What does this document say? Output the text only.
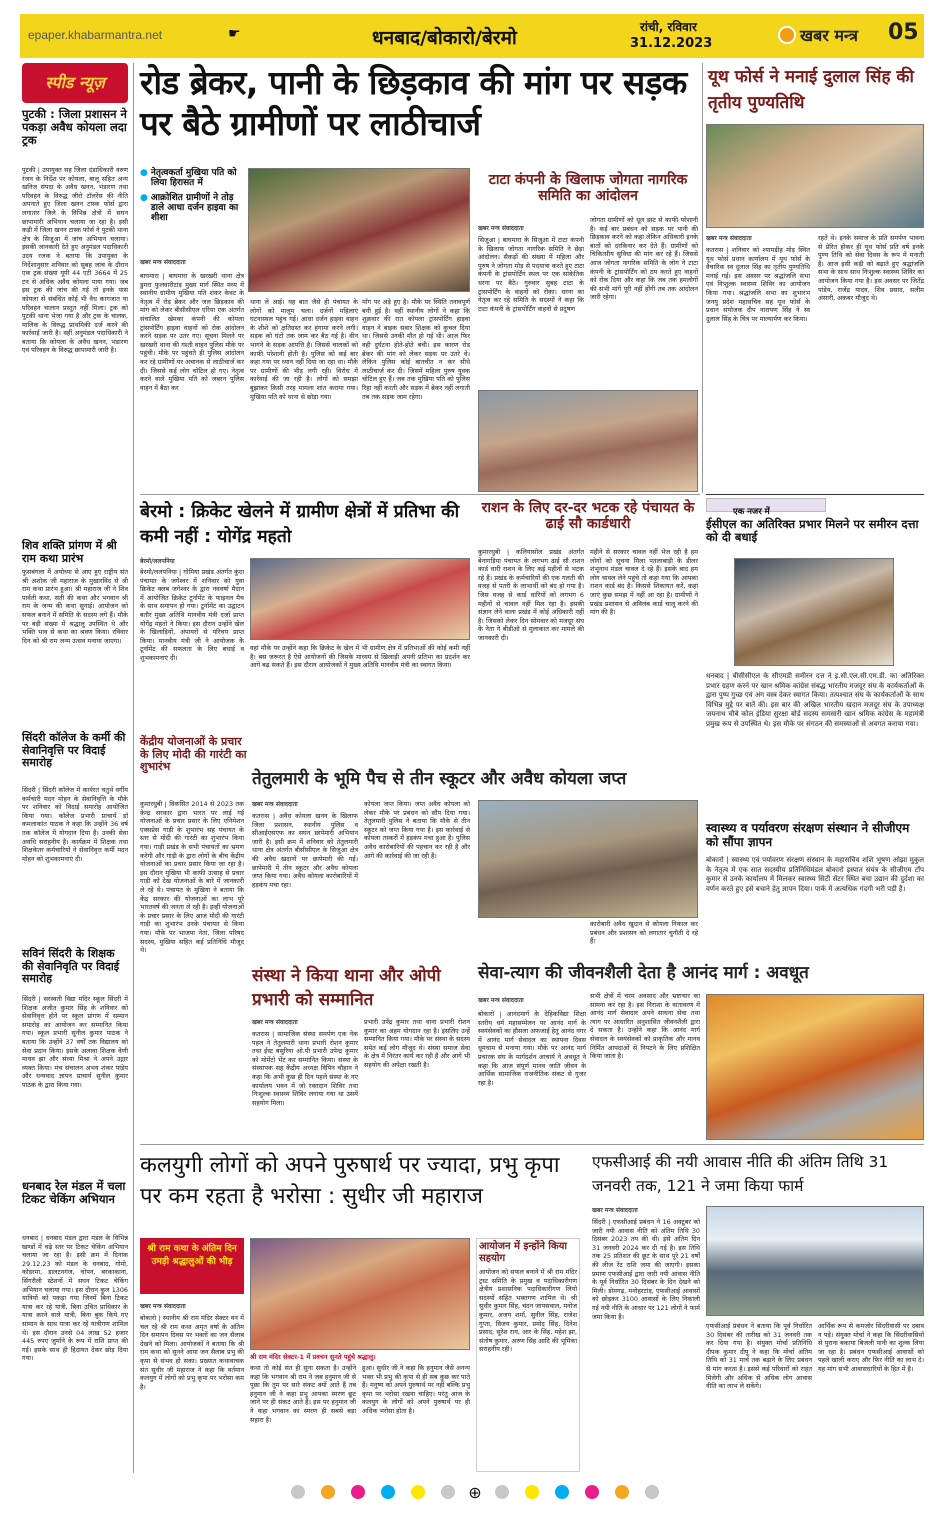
epaper.khabarmantra.net	☛	धनबाद/बोकारो/बेरमो	रांची, रविवार
31.12.2023	खबर मन्त्र 05
स्पीड न्यूज़
पुटकी : जिला प्रशासन ने पकड़ा अवैध कोयला लदा ट्रक
पुटकी | उपायुक्त सह जिला दंडाधिकारी वरुण रंजन के निर्देश पर कोयला, बालू सहित अन्य खनिज संपदा के अवैध खनन, भंडारण तथा परिवहन के विरुद्ध जीरो टॉलरेंस की नीति अपनाते हुए जिला खनन टास्क फोर्स द्वारा लगातार जिले के विभिन्न क्षेत्रों में सघन छापामारी अभियान चलाया जा रहा है। इसी कड़ी में जिला खनन टास्क फोर्स ने पुटकी थाना क्षेत्र के सिजुआ में जांच अभियान चलाया। इसकी जानकारी देते हुए अनुमंडल पदाधिकारी उदय रजक ने बताया कि उपायुक्त के निर्देशानुसार शनिवार को सुबह जांच के दौरान एक ट्रक संख्या यूपी 44 एटी 3664 में 25 टन से अधिक अवैध कोयला पाया गया। जब इस ट्रक की जांच की गई तो इनके पास कोयला से संबंधित कोई भी वैध कागजात या परिवहन चालान प्रस्तुत नहीं मिला। ट्रक को पुटकी थाना भेजा गया है और ट्रक के चालक, मालिक के विरुद्ध प्राथमिकी दर्ज करने की कार्रवाई जारी है। वहीं अनुमंडल पदाधिकारी ने बताया कि कोयला के अवैध खनन, भंडारण एवं परिवहन के विरुद्ध छापामारी जारी है।
शिव शक्ति प्रांगण में श्री राम कथा प्रारंभ
फुसबंगला में अयोध्या से आए हुए राष्ट्रीय संत श्री अशोक जी महाराज के मुखारविंद से श्री राम कथा प्रारंभ हुआ। श्री महाराज जी ने शिव पार्वती कथा, सती की कथा और भगवान श्री राम के जन्म की कथा सुनाई। आयोजन को सफल बनाने में समिति के सदस्य लगे हैं। मौके पर बड़ी संख्या में श्रद्धालु उपस्थित थे और भक्ति भाव से कथा का श्रवण किया। रविवार दिन को श्री राम जन्म उत्सव मनाया जाएगा।
सिंदरी कॉलेज के कर्मी की सेवानिवृत्ति पर विदाई समारोह
सिंदरी | सिंदरी कॉलेज में कार्यरत चतुर्थ वर्गीय कर्मचारी मदन मोहन के सेवानिवृत्ति के मौके पर शनिवार को विदाई समारोह आयोजित किया गया। कॉलेज प्रभारी प्राचार्य डॉ कमलाकांत पाठक ने कहा कि उन्होंने 36 वर्ष तक कॉलेज में योगदान दिया है। उनकी सेवा अवधि सराहनीय है। कार्यक्रम में शिक्षक तथा शिक्षकेतर कर्मचारियों ने सेवानिवृत्त कर्मी मदन मोहन को शुभकामनाएं दी।
सविनं सिंदरी के शिक्षक की सेवानिवृति पर विदाई समारोह
सिंदरी | सरस्वती विद्या मंदिर स्कूल सिंदरी में शिक्षक अजीत कुमार सिंह के शनिवार को सेवानिवृत्त होने पर स्कूल प्रांगण में सम्मान समारोह का आयोजन कर सम्मानित किया गया। स्कूल प्रभारी सुनील कुमार पाठक ने बताया कि उन्होंने 37 वर्षों तक विद्यालय को सेवा प्रदान किया। इसके अलावा शिक्षक वेणी माधव झा और संध्या मिश्रा ने अपने उद्गार व्यक्त किया। मंच संचालन अभय शंकर पांडेय और धन्यवाद ज्ञापन प्राचार्य सुनील कुमार पाठक के द्वारा किया गया।
धनबाद रेल मंडल में चला टिकट चेकिंग अभियान
धनबाद | धनबाद मंडल द्वारा मंडल के विभिन्न खण्डों में चढ़े स्तर पर टिकट चेकिंग अभियान चलाया जा रहा है। इसी क्रम में दिनांक 29.12.23 को मंडल के धनबाद, गोमो, कोडरमा, डालटनगंज, चोपन, बरकाकाना, सिंगरौली स्टेशनों में सघन टिकट चेकिंग अभियान चलाया गया। इस दौरान कुल 1306 यात्रियों को पकड़ा गया जिनमें बिना टिकट यात्रा कर रहे यात्री, बिना उचित प्राधिकार के यात्रा करने वाले यात्री, बिना बुक किये गए सामान के साथ यात्रा कर रहे यात्रीगण शामिल थे। इस दौरान उनसे 04 लाख 52 हजार 445 रुपए जुर्माने के रूप में राशि प्राप्त की गई। इसके साथ ही हिदायत देकर छोड़ दिया गया।
रोड ब्रेकर, पानी के छिड़काव की मांग पर सड़क पर बैठे ग्रामीणों पर लाठीचार्ज
● नेतृत्वकर्ता मुखिया पति को लिया हिरासत में
● आक्रोशित ग्रामीणों ने तोड़ डाले आधा दर्जन हाइवा का शीशा
खबर मन्त्र संवाददाता
बाघमारा | बाघमारा के खरखरी थाना क्षेत्र डुमरा फुलवारीटांड़ मुख्य मार्ग स्थित मध्य में स्थानीय ग्रामीण मुखिया पति शंकर केवट के नेतृत्व में रोड ब्रेकर और जल छिड़काव की मांग को लेकर बीसीसीएल एरिया एक अंतर्गत संचालित खेमका कंपनी की कोयला ट्रांसपोर्टिंग हाइवा वाहनों को रोक आंदोलन करने सड़क पर उतर गए। सूचना मिलने पर खरखरी थाना की गश्ती वाहन पुलिस मौके पर पहुंची। मौके पर पहुंचते ही पुलिस आंदोलन कर रहे ग्रामीणों पर अचानक से लाठीचार्ज कर दी। जिससे कई लोग चोटिल हो गए। नेतृत्व करने वाले मुखिया पति को जबरन पुलिस वाहन में बैठा कर
थाना ले आई। यह बात जैसे ही पंचायत के लोगों को मालूम चला। दर्जनों महिलाएं घटनास्थल पहुंच गई। आधा दर्जन हाइवा वाहन के शीशे को क्षतिग्रस्त कर हंगामा करने लगी। सड़क को घंटों तक जाम कर बैठ गई है। वीन भागने के सड़क आपत्ति है। जिससे चालकों को काफी परेशानी होती है। पुलिस को कई बार कहा गया पर ध्यान नहीं दिया जा रहा था। मौके पर ग्रामीणों की भीड़ लगी रही। विरोध में कार्रवाई की जा रही है। लोगों को समझा बुझाकर किसी तरह मामला शांत कराया गया। मुखिया पति को थाना से छोड़ा गया।
माँग पर अड़े हुए है। मौके पर स्थिति तनावपूर्ण बनी हुई है। वहीं स्थानीय लोगों ने कहा कि शुक्रवार की रात कोयला ट्रांसपोर्टिंग हाइवा वाहन ने बाइक सवार शिक्षक को कुचल दिया था। जिससे उनकी मौत हो गई थी। आज फिर वही दुर्घटना होते-होते बची। इस कारण रोड ब्रेकर की मांग को लेकर सड़क पर उतरे थे। लेकिन पुलिस कोई बातचीत न कर सीधे लाठीचार्ज कर दी। जिसमें महिला पुरुष युवक चोटिल हुए हैं। जब तक मुखिया पति को पुलिस रिहा नहीं करती और सड़क में ब्रेकर नहीं लगाती तब तक सड़क जाम रहेगा।
टाटा कंपनी के खिलाफ जोगता नागरिक समिति का आंदोलन
खबर मन्त्र संवाददाता
सिजुआ | बाघमारा के सिजुआ में टाटा कंपनी के खिलाफ जोगता नागरिक समिति ने छेड़ा आंदोलन। सैकड़ों की संख्या में महिला और पुरुष ने जोगता मोड़ से पदयात्रा करते हुए टाटा कंपनी के ट्रांसपोर्टिंग स्थल पर एक सांकेतिक धरना पर बैठे। गुरुवार सुबह टाटा के ट्रांसपोर्टिंग के वाहनों को रोका। धरना का नेतृत्व कर रहे समिति के सदस्यों ने कहा कि टाटा कंपनी के ट्रांसपोर्टिंग वाहनों से प्रदूषण
जोगता ग्रामीणों को धूल डस्ट से काफी परेशानी है। कई बार प्रबंधन को सड़क पर पानी की छिड़काव करने को कहा लेकिन अधिकारी इनके बातों को दरकिनार कर देते हैं। ग्रामीणों को चिकित्सीय सुविधा की मांग कर रहे हैं। जिससे आज जोगता नागरिक समिति के लोग ने टाटा कंपनी के ट्रांसपोर्टिंग को ठप करते हुए वाहनों को रोक दिया और कहा कि जब तक हमलोगों की सभी मांगें पूरी नहीं होंगी तब तक आंदोलन जारी रहेगा।
यूथ फोर्स ने मनाई दुलाल सिंह की तृतीय पुण्यतिथि
खबर मन्त्र संवाददाता
कतरास | शनिवार को श्यामडीह मोड़ स्थित यूथ फोर्स प्रधान कार्यालय में यूथ फोर्स के वैचारिक स्व दुलाल सिंह का तृतीय पुण्यतिथि मनाई गई। इस अवसर पर श्रद्धांजलि सभा एवं निःशुल्क स्वास्थ्य शिविर का आयोजन किया गया। श्रद्धांजलि सभा का शुभारंभ जनयु प्रदेश महासचिव सह यूथ फोर्स के प्रधान संयोजक दीप नारायण सिंह ने स्व दुलाल सिंह के चित्र पर माल्यार्पण कर किया।
रहते थे। इनके समाज के प्रति समर्पण भावना से प्रेरित होकर ही यूथ फोर्स प्रति वर्ष इनके पुण्य तिथि को सेवा दिवस के रूप में मनाती है। आज इसी कड़ी को बढ़ाते हुए श्रद्धांजलि सभा के साथ साथ निःशुल्क स्वास्थ्य शिविर का आयोजन किया गया है। इस अवसर पर जितेंद्र पांडेय, राजेंद्र यादव, शिव प्रसाद, सलीम अंसारी, अकबर मौजूद थे।
एक नजर में
ईसीएल का अतिरिक्त प्रभार मिलने पर समीरन दत्ता को दी बधाई
धनबाद | बीसीसीएल के सीएमडी समीरन दत्त ने इ.सी.एल.सी.एम.डी. का अतिरिक्त प्रभार ग्रहण करने पर खान श्रमिक कांग्रेस संबद्ध भारतीय मजदूर संघ के कार्यकर्ताओं के द्वारा पुष्प गुच्छ एवं अंग वस्त्र देकर स्वागत किया। तत्पश्चात संघ के कार्यकर्ताओं के साथ विभिन्न मुद्दे पर बातें की। इस बार की अखिल भारतीय खदान मजदूर संघ के उपाध्यक्ष जयनाथ चौबे कोल इंडिया सुरक्षा बोर्ड सदस्य समसारी खान श्रमिक कांग्रेस के महामंत्री प्रमुख रूप से उपस्थित थे। इस मौके पर संगठन की समस्याओं से अवगत कराया गया।
स्वास्थ्य व पर्यावरण संरक्षण संस्थान ने सीजीएम को सौंपा ज्ञापन
बोकारो | स्वास्थ्य एवं पर्यावरण संरक्षण संस्थान के महासचिव शशि भूषण ओझा मुकुल के नेतृत्व में एक सात सदस्यीय प्रतिनिधिमंडल बोकारो इस्पात संयंत्र के सीजीएम टॉप कुमार से उनके कार्यालय में मिलकर स्वास्थ्य सिटी सेंटर स्थित बचा उद्यान की दुर्दशा का वर्णन करते हुए इसे बचाने हेतु ज्ञापन दिया। पार्क में अत्यधिक गंदगी भरी पड़ी है।
बेरमो : क्रिकेट खेलने में ग्रामीण क्षेत्रों में प्रतिभा की कमी नहीं : योगेंद्र महतो
बेरमो/ललपनिया
बेरमो/ललपनिया | गोमिया प्रखंड अंतर्गत कुंदा पंचायत के जगेश्वर में शनिवार को युवा क्रिकेट क्लब जगेश्वर के द्वारा नववर्षा मैदान में आयोजित क्रिकेट टूर्नामेंट के फाइनल मैच के साथ समापन हो गया। टूर्नामेंट का उद्घाटन बतौर मुख्य अतिथि मानवीय मंत्री दर्जा प्राप्त योगेंद्र महतो ने किया। इस दौरान उन्होंने खेल के खिलाड़ियों, अंपायरों से परिचय प्राप्त किया। मानवीय मंत्री जी ने आयोजक के टूर्नामेंट की सफलता के लिए बधाई व शुभकामनाएं दी।
वहां मौके पर उन्होंने कहा कि क्रिकेट के खेल में भी ग्रामीण क्षेत्र में प्रतिभाओं की कोई कमी नहीं है। बस जरूरत है ऐसे आयोजनों की जिसके माध्यम से खिलाड़ी अपनी प्रतिभा का प्रदर्शन कर आगे बढ़ सकते हैं। इस दौरान आयोजकों ने मुख्य अतिथि मानवीय मंत्री का स्वागत किया।
राशन के लिए दर-दर भटक रहे पंचायत के ढाई सौ कार्डधारी
कुमारधुबी | कलियासोल प्रखंड अंतर्गत बेनागड़िया पंचायत के लगभग ढाई सौ राशन कार्ड धारी राशन के लिए कई महीनों से भटक रहे हैं। प्रखंड के कर्मचारियों की एक गलती की वजह से पतरी के लाभार्थी को बंद हो गया है। जिस वजह से कार्ड धारियों को लगभग 6 महीनों से चावल नहीं मिल रहा है। इसकी संज्ञान लेने वाला प्रखंड में कोई अधिकारी नहीं है। जिसको लेकर दिन सोमवार को मजदूर संघ के नेता ने बीडीओ से मुलाकात कर मामले की जानकारी दी।
महीने से सरकार चावल नहीं भेज रही है हम लोगों को सूचना मिला पतलाबाड़ी के डीलर शंभूनाथ मंडल चावल दे रहे हैं। इसके बाद हम लोग चावल लेने पहुंचे तो कहा गया कि आपका राशन कार्ड बंद है। किससे शिकायत करें, कहां जाएं कुछ समझ में नहीं आ रहा है। ग्रामीणों ने प्रखंड प्रशासन से अविलंब कार्ड चालू करने की मांग की है।
केंद्रीय योजनाओं के प्रचार के लिए मोदी की गारंटी का शुभारंभ
कुमारधुबी | विकसित 2014 से 2023 तक केन्द्र सरकार द्वारा भारत पर लाई गई योजनाओं के प्रचार प्रसार के लिए एनिमेशन एक्सप्रेस गाड़ी के शुभारंभ सह पंचायत के स्तर से मोदी की गारंटी का शुभारंभ किया गया। गाड़ी प्रखंड के सभी पंचायतों का भ्रमण करेगी और गाड़ी के द्वारा लोगों के बीच केंद्रीय योजनाओं का प्रचार प्रसार किया जा रहा है। इस दौरान मुखिया भी काफी उत्साह से प्रचार गाड़ी को देख योजनाओं के बारे में जानकारी ले रहे थे। पंचायत के मुखिया ने बताया कि केंद्र सरकार की योजनाओं का लाभ पूरे भारतवर्ष की जनता ले रही है। इन्हीं योजनाओं के प्रचार प्रसार के लिए आज मोदी की गारंटी गाड़ी का शुभारंभ उनके पंचायत से किया गया। मौके पर भाजपा नेता, जिला परिषद सदस्य, मुखिया सहित कई प्रतिनिधि मौजूद थे।
तेतुलमारी के भूमि पैच से तीन स्कूटर और अवैध कोयला जप्त
खबर मन्त्र संवाददाता
कतरास | अवैध कोयला खनन के खिलाफ जिला प्रशासन, स्थानीय पुलिस व सीआईएसएफ का सघन छापेमारी अभियान जारी है। इसी क्रम में शनिवार को तेतुलमारी थाना क्षेत्र अंतर्गत बीसीसीएल के सिजुआ क्षेत्र की अवैध खदानों पर छापेमारी की गई। छापेमारी में तीन स्कूटर और अवैध कोयला जप्त किया गया। अवैध कोयला कारोबारियों में हड़कंप मचा रहा।
कोयला जप्त किया। जप्त अवैध कोयला को लेकर मौके पर प्रबंधन को सौंप दिया गया। तेतुलमारी पुलिस ने बताया कि मौके से तीन स्कूटर को जप्त किया गया है। इस कार्रवाई से कोयला तस्करों में हड़कंप मचा हुआ है। पुलिस अवैध कारोबारियों की पहचान कर रही है और आगे की कार्रवाई की जा रही है।
कारोबारी अवैध खुदान से कोयला निकाल कर प्रबंधन और प्रशासन को लगातार चुनौती दे रहे हैं।
संस्था ने किया थाना और ओपी प्रभारी को सम्मानित
खबर मन्त्र संवाददाता
कतरास | सामाजिक संस्था समर्पण एक नेक पहल ने तेतुलमारी थाना प्रभारी रोशन कुमार तथा ईस्ट बसुरिया ओ.पी प्रभारी उपेन्द्र कुमार को मोमेंटो भेंट कर सम्मानित किया। संस्था के संस्थापक सह केंद्रीय अध्यक्ष विपिन चौहान ने कहा कि अभी कुछ ही दिन पहले संस्था के नए कार्यालय भवन में जो रक्तदान शिविर तथा निःशुल्क स्वास्थ्य शिविर लगाया गया था उसमें सहयोग मिला।
प्रभारी उपेंद्र कुमार तथा थाना प्रभारी रोशन कुमार का अहम योगदान रहा है। इसलिए उन्हें सम्मानित किया गया। मौके पर संस्था के सदस्य समेत कई लोग मौजूद थे। संस्था समाज सेवा के क्षेत्र में निरंतर कार्य कर रही है और आगे भी सहयोग की अपेक्षा रखती है।
सेवा-त्याग की जीवनशैली देता है आनंद मार्ग : अवधूत
खबर मन्त्र संवाददाता
बोकारो | आनंदमार्ग के देहिकविद्या शिक्षा स्तरीय धर्म महासम्मेलन पर आनंद मार्ग के स्वयंसेवकों का हौसला अफजाई हेतु आनंद नगर में आनंद मार्ग सेवादल का स्थापना दिवस धूमधाम से मनाया गया। मौके पर आनंद मार्ग प्रचारक संघ के मार्गदर्शन आचार्य ने अवधूत ने कहा कि आज संपूर्ण मानव जाति जीवन के आर्थिक सामाजिक राजनीतिक संकट से गुजर रहा है।
सभी क्षेत्रों में चरम अवसाद और भ्रष्टाचार का सामना कर रहा है। इस निराशा के वातावरण में आनंद मार्ग सेवादल अपने साधना सेवा तथा त्याग पर आधारित अनुशासित जीवनशैली द्वारा दे सकता है। उन्होंने कहा कि आनंद मार्ग सेवादल के स्वयंसेवकों को प्राकृतिक और मानव निर्मित आपदाओं से निपटने के लिए प्रशिक्षित किया जाता है।
कलयुगी लोगों को अपने पुरुषार्थ पर ज्यादा, प्रभु कृपा पर कम रहता है भरोसा : सुधीर जी महाराज
श्री राम कथा के अंतिम दिन उमड़ी श्रद्धालुओं की भीड़
खबर मन्त्र संवाददाता
श्री राम मंदिर सेक्टर-1 में प्रवचन सुनते पहुंचे श्रद्धालु।
बोकारो | स्थानीय श्री राम मंदिर सेक्टर वन में चल रहे श्री राम कथा अमृत वर्षा के अंतिम दिन समापन दिवस पर भक्तों का जन सैलाब देखने को मिला। आयोजकों ने बताया कि श्री राम कथा को सुनने आया जन सैलाब प्रभु की कृपा से संभव हो सका। प्रख्यात कथावाचक संत सुधीर जी महाराज ने कहा कि वर्तमान कलयुग में लोगों को प्रभु कृपा पर भरोसा कम है।
कथा तो कोई संत ही सुना सकता है। उन्होंने कहा कि भगवान श्री राम ने जब हनुमान जी से पूछा कि तुम पर सारे संकट क्यों आते हैं तब हनुमान जी ने कहा प्रभु आपका स्मरण छूट जाने पर ही संकट आते हैं। इस पर हनुमान जी ने कहा भगवान का स्मरण ही सबसे बड़ा सहारा है।
हुआ। सुधीर जी ने कहा कि हनुमान जैसे अनन्य भक्त भी प्रभु की कृपा से ही सब कुछ कर पाते हैं। मनुष्य को अपने पुरुषार्थ पर नहीं बल्कि प्रभु कृपा पर भरोसा रखना चाहिए। परंतु आज के कलयुग के लोगों को अपने पुरुषार्थ पर ही अधिक भरोसा होता है।
आयोजन में इन्होंने किया सहयोग
आयोजन को सफल बनाने में श्री राम मंदिर ट्रस्ट समिति के प्रमुख व पदाधिकारीगण क्षेत्रीय प्रशासनिक पदाधिकारीगण लियो सदस्यों सहित भक्तगण शामिल थे। श्री सुधीर कुमार सिंह, चंदन जायसवाल, मनोज कुमार, अजय शर्मा, सुनील सिंह, राजेश गुप्ता, विजय कुमार, प्रमोद सिंह, दिनेश प्रसाद, सुरेश राय, आर के सिंह, महेश झा, संतोष कुमार, अरुण सिंह आदि की भूमिका सराहनीय रही।
एफसीआई की नयी आवास नीति की अंतिम तिथि 31 जनवरी तक, 121 ने जमा किया फार्म
खबर मन्त्र संवाददाता
सिंदरी | एफसीआई प्रबंधन ने 16 अक्टूबर को जारी नयी आवास नीति को अंतिम तिथि 30 दिसंबर 2023 तय की थी। इसे अंतिम दिन 31 जनवरी 2024 कर दी गई है। इस तिथि तक 25 प्रतिशत की छूट के साथ पूरे 21 वर्षों की लीज रेंट राशि जमा की जाएगी। इसका प्रमाण एफसीआई द्वारा जारी नयी आवास नीति के पूर्व निर्धारित 30 दिसंबर के दिन देखने को मिली। डोमगढ़, मनोहरटांड़, एफसीआई आवासों को छोड़कर 3100 आवासों के लिए निकाली गई नयी नीति के आधार पर 121 लोगों ने फार्म जमा किया है।
एफसीआई प्रबंधन ने बताया कि पूर्व निर्धारित 30 दिसंबर की तारीख को 31 जनवरी तक कर दिया गया है। संयुक्त मोर्चा प्रतिनिधि दीपक कुमार दीपू ने कहा कि मोर्चा अंतिम तिथि को 31 मार्च तक बढ़ाने के लिए प्रबंधन से मांग करता है। इससे कई परिवारों को राहत मिलेगी और अधिक से अधिक लोग आवास नीति का लाभ ले सकेंगे।
आर्थिक रूप से कमजोर सिंदरीवासी पर दबाव न पड़े। संयुक्त मोर्चा ने कहा कि सिंदरीवासियों से पुराना बकाया बिजली पानी का शुल्क लिया जा रहा है। प्रबंधन एफसीआई आवासों को पहले खाली कराए और फिर नीति का लाभ दे। यह मांग सभी आवासधारियों के हित में है।
⊕
